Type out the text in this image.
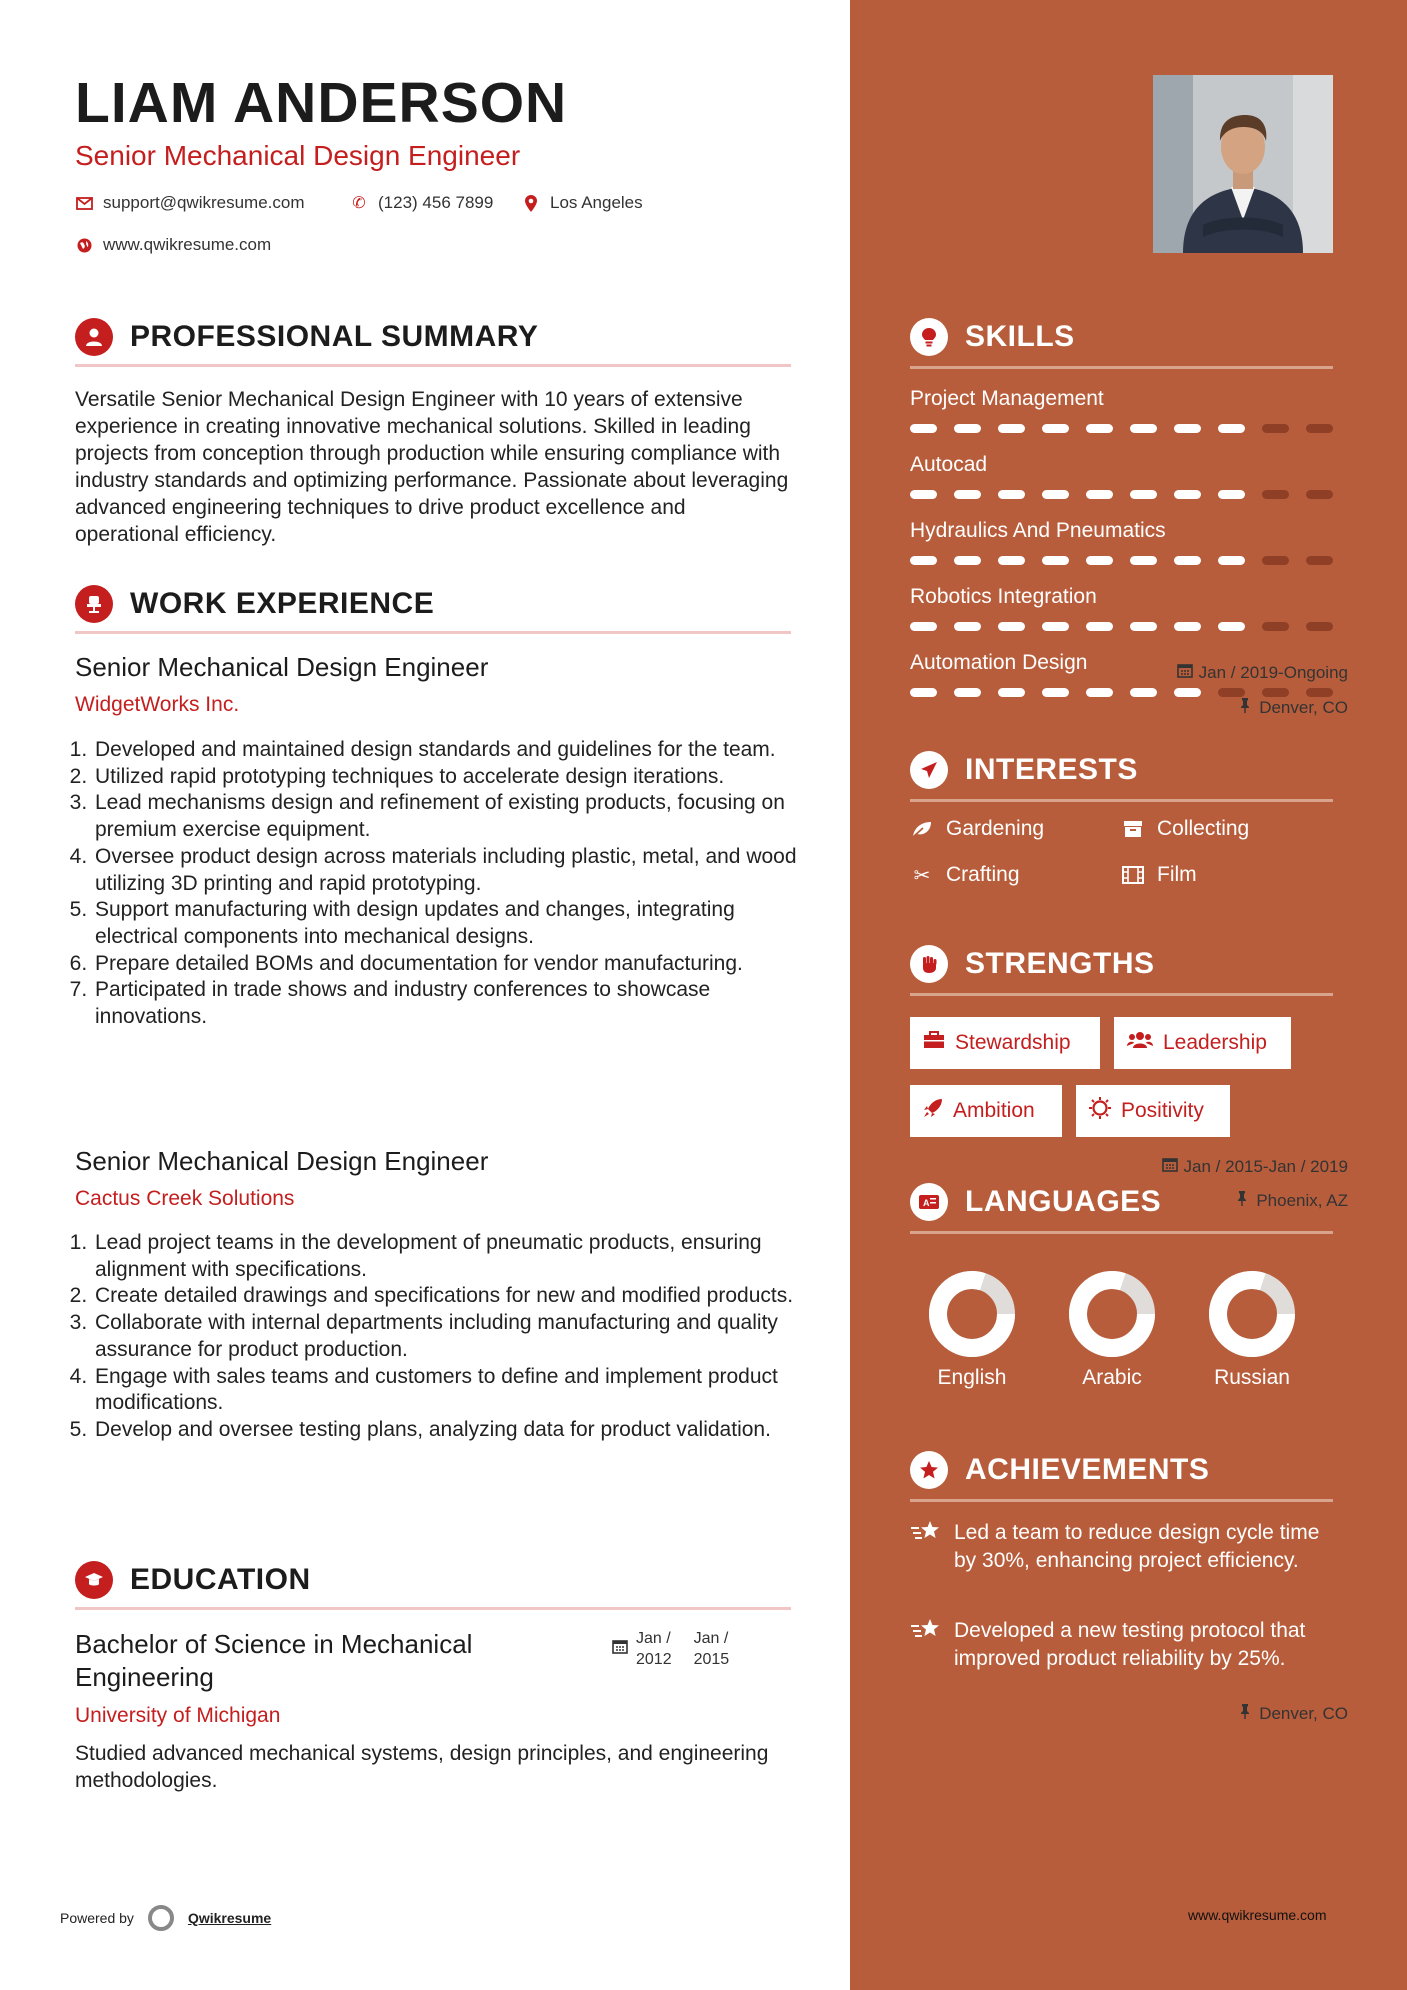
LIAM ANDERSON
Senior Mechanical Design Engineer
support@qwikresume.com	✆ (123) 456 7899	Los Angeles
www.qwikresume.com
PROFESSIONAL SUMMARY
Versatile Senior Mechanical Design Engineer with 10 years of extensive experience in creating innovative mechanical solutions. Skilled in leading projects from conception through production while ensuring compliance with industry standards and optimizing performance. Passionate about leveraging advanced engineering techniques to drive product excellence and operational efficiency.
WORK EXPERIENCE
Senior Mechanical Design Engineer	Jan / 2019-Ongoing
WidgetWorks Inc.	Denver, CO
1. Developed and maintained design standards and guidelines for the team.
2. Utilized rapid prototyping techniques to accelerate design iterations.
3. Lead mechanisms design and refinement of existing products, focusing on premium exercise equipment.
4. Oversee product design across materials including plastic, metal, and wood utilizing 3D printing and rapid prototyping.
5. Support manufacturing with design updates and changes, integrating electrical components into mechanical designs.
6. Prepare detailed BOMs and documentation for vendor manufacturing.
7. Participated in trade shows and industry conferences to showcase innovations.
Senior Mechanical Design Engineer	Jan / 2015-Jan / 2019
Cactus Creek Solutions	Phoenix, AZ
1. Lead project teams in the development of pneumatic products, ensuring alignment with specifications.
2. Create detailed drawings and specifications for new and modified products.
3. Collaborate with internal departments including manufacturing and quality assurance for product production.
4. Engage with sales teams and customers to define and implement product modifications.
5. Develop and oversee testing plans, analyzing data for product validation.
EDUCATION
Bachelor of Science in Mechanical Engineering
Jan /
2012
Jan /
2015
University of Michigan	Denver, CO
Studied advanced mechanical systems, design principles, and engineering methodologies.
Powered by	Qwikresume
SKILLS
Project Management
Autocad
Hydraulics And Pneumatics
Robotics Integration
Automation Design
INTERESTS
Gardening	Collecting
✂ Crafting	Film
STRENGTHS
Stewardship	Leadership
Ambition	Positivity
A LANGUAGES
English	Arabic	Russian
ACHIEVEMENTS
Led a team to reduce design cycle time by 30%, enhancing project efficiency.
Developed a new testing protocol that improved product reliability by 25%.
www.qwikresume.com
